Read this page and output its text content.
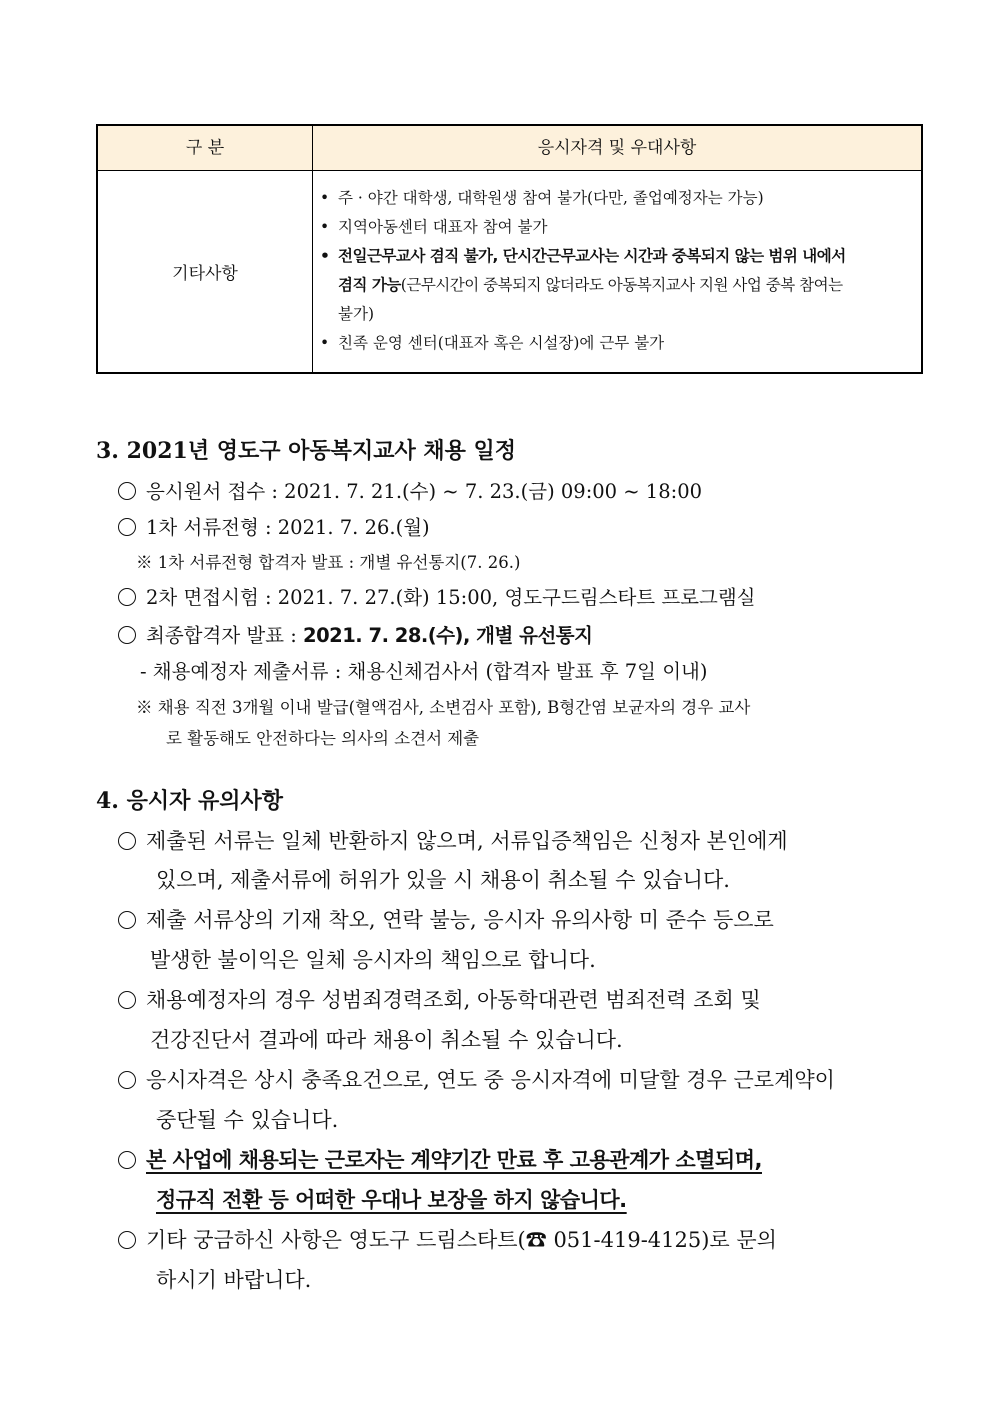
구 분	응시자격 및 우대사항
기타사항
• 주 · 야간 대학생, 대학원생 참여 불가(다만, 졸업예정자는 가능)
• 지역아동센터 대표자 참여 불가
• 전일근무교사 겸직 불가, 단시간근무교사는 시간과 중복되지 않는 범위 내에서
겸직 가능(근무시간이 중복되지 않더라도 아동복지교사 지원 사업 중복 참여는
불가)
• 친족 운영 센터(대표자 혹은 시설장)에 근무 불가
3. 2021년 영도구 아동복지교사 채용 일정
응시원서 접수 : 2021. 7. 21.(수) ~ 7. 23.(금) 09:00 ~ 18:00
1차 서류전형 : 2021. 7. 26.(월)
※ 1차 서류전형 합격자 발표 : 개별 유선통지(7. 26.)
2차 면접시험 : 2021. 7. 27.(화) 15:00, 영도구드림스타트 프로그램실
최종합격자 발표 : 2021. 7. 28.(수), 개별 유선통지
- 채용예정자 제출서류 : 채용신체검사서 (합격자 발표 후 7일 이내)
※ 채용 직전 3개월 이내 발급(혈액검사, 소변검사 포함), B형간염 보균자의 경우 교사
로 활동해도 안전하다는 의사의 소견서 제출
4. 응시자 유의사항
제출된 서류는 일체 반환하지 않으며, 서류입증책임은 신청자 본인에게
있으며, 제출서류에 허위가 있을 시 채용이 취소될 수 있습니다.
제출 서류상의 기재 착오, 연락 불능, 응시자 유의사항 미 준수 등으로
발생한 불이익은 일체 응시자의 책임으로 합니다.
채용예정자의 경우 성범죄경력조회, 아동학대관련 범죄전력 조회 및
건강진단서 결과에 따라 채용이 취소될 수 있습니다.
응시자격은 상시 충족요건으로, 연도 중 응시자격에 미달할 경우 근로계약이
중단될 수 있습니다.
본 사업에 채용되는 근로자는 계약기간 만료 후 고용관계가 소멸되며,
정규직 전환 등 어떠한 우대나 보장을 하지 않습니다.
기타 궁금하신 사항은 영도구 드림스타트(☎ 051-419-4125)로 문의
하시기 바랍니다.
